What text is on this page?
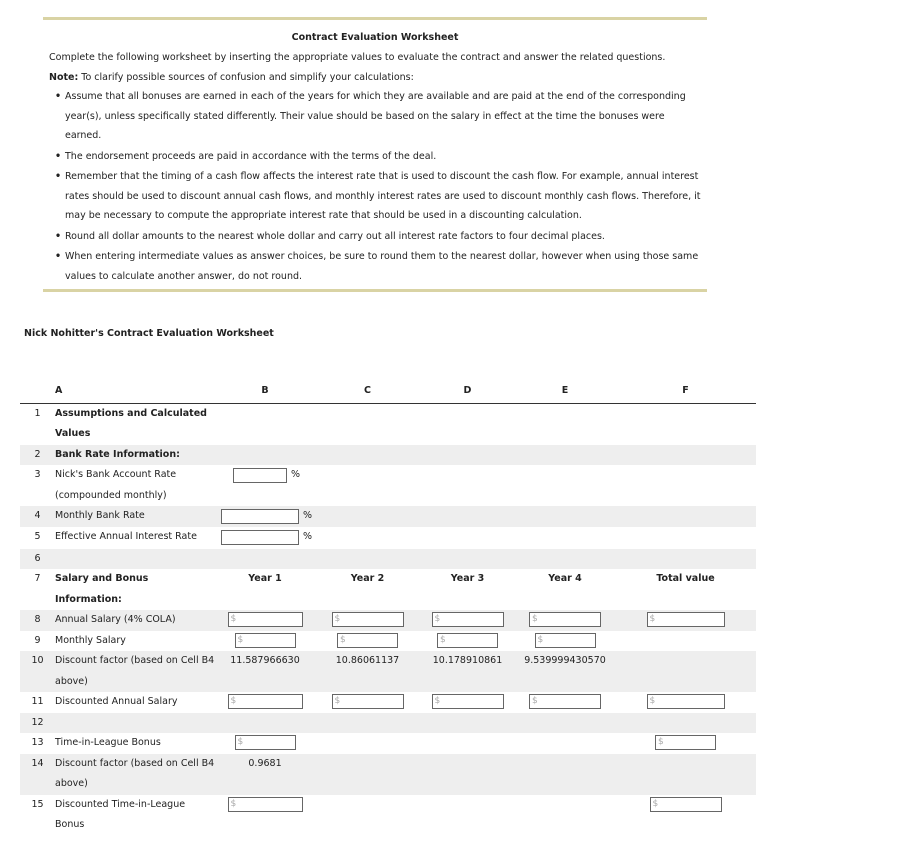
Contract Evaluation Worksheet

Complete the following worksheet by inserting the appropriate values to evaluate the contract and answer the related questions.

Note: To clarify possible sources of confusion and simplify your calculations:

• Assume that all bonuses are earned in each of the years for which they are available and are paid at the end of the corresponding year(s), unless specifically stated differently. Their value should be based on the salary in effect at the time the bonuses were earned.
• The endorsement proceeds are paid in accordance with the terms of the deal.
• Remember that the timing of a cash flow affects the interest rate that is used to discount the cash flow. For example, annual interest rates should be used to discount annual cash flows, and monthly interest rates are used to discount monthly cash flows. Therefore, it may be necessary to compute the appropriate interest rate that should be used in a discounting calculation.
• Round all dollar amounts to the nearest whole dollar and carry out all interest rate factors to four decimal places.
• When entering intermediate values as answer choices, be sure to round them to the nearest dollar, however when using those same values to calculate another answer, do not round.
Nick Nohitter's Contract Evaluation Worksheet
	A	B	C	D	E	F
1	Assumptions and Calculated Values					
2	Bank Rate Information:					
3	Nick's Bank Account Rate (compounded monthly)	%				
4	Monthly Bank Rate	%				
5	Effective Annual Interest Rate	%				
6						
7	Salary and Bonus Information:	Year 1	Year 2	Year 3	Year 4	Total value
8	Annual Salary (4% COLA)	$	$	$	$	$
9	Monthly Salary	$	$	$	$	
10	Discount factor (based on Cell B4 above)	11.587966630	10.86061137	10.178910861	9.539999430570	
11	Discounted Annual Salary	$	$	$	$	$
12						
13	Time-in-League Bonus	$				$
14	Discount factor (based on Cell B4 above)	0.9681				
15	Discounted Time-in-League Bonus	$				$
